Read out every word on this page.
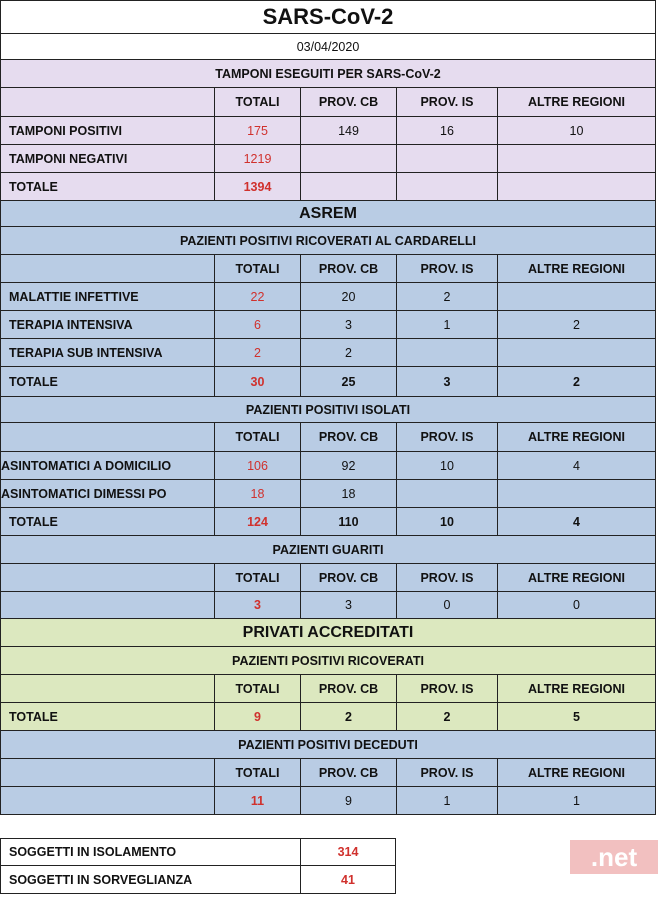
SARS-CoV-2
03/04/2020
TAMPONI ESEGUITI PER SARS-CoV-2
TOTALI	PROV. CB	PROV. IS	ALTRE REGIONI
TAMPONI POSITIVI	175	149	16	10
TAMPONI NEGATIVI	1219
TOTALE	1394
ASREM
PAZIENTI POSITIVI RICOVERATI AL CARDARELLI
TOTALI	PROV. CB	PROV. IS	ALTRE REGIONI
MALATTIE INFETTIVE	22	20	2
TERAPIA INTENSIVA	6	3	1	2
TERAPIA SUB INTENSIVA	2	2
TOTALE	30	25	3	2
PAZIENTI POSITIVI ISOLATI
TOTALI	PROV. CB	PROV. IS	ALTRE REGIONI
ASINTOMATICI A DOMICILIO	106	92	10	4
ASINTOMATICI DIMESSI PO	18	18
TOTALE	124	110	10	4
PAZIENTI GUARITI
TOTALI	PROV. CB	PROV. IS	ALTRE REGIONI
3	3	0	0
PRIVATI ACCREDITATI
PAZIENTI POSITIVI RICOVERATI
TOTALI	PROV. CB	PROV. IS	ALTRE REGIONI
TOTALE	9	2	2	5
PAZIENTI POSITIVI DECEDUTI
TOTALI	PROV. CB	PROV. IS	ALTRE REGIONI
11	9	1	1
SOGGETTI IN ISOLAMENTO	314
SOGGETTI IN SORVEGLIANZA	41
.net
